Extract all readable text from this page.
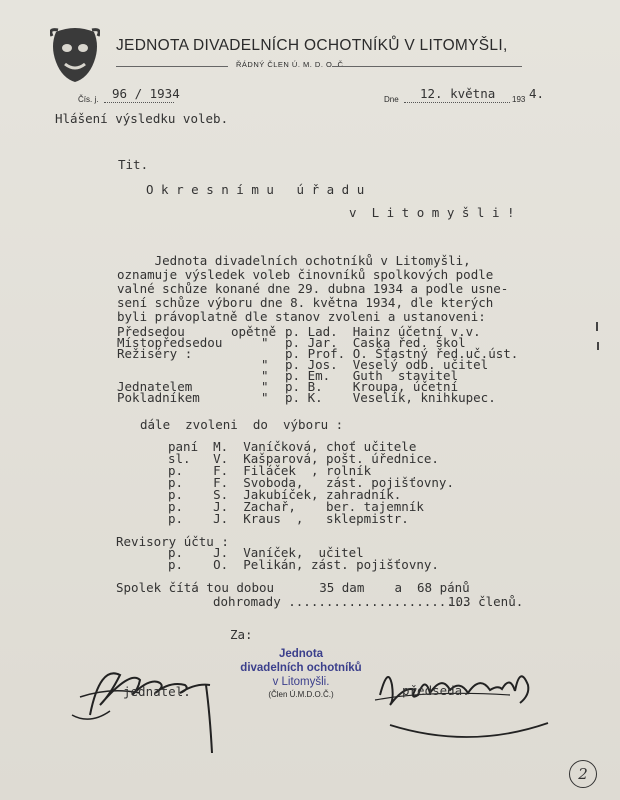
JEDNOTA DIVADELNÍCH OCHOTNÍKŮ V LITOMYŠLI,
ŘÁDNÝ ČLEN Ú. M. D. O. Č.
Čís. j. 96 / 1934	Dne 12. května 193 4.
Hlášení výsledku voleb.
Tit.
O k r e s n í m u   ú ř a d u
v  L i t o m y š l i !
Jednota divadelních ochotníků v Litomyšli,
oznamuje výsledek voleb činovníků spolkových podle
valné schůze konané dne 29. dubna 1934 a podle usne-
sení schůze výboru dne 8. května 1934, dle kterých
byli právoplatně dle stanov zvoleni a ustanoveni:
Předsedou	opětně p. Lad.  Hainz účetní v.v.
Místopředsedou	" p. Jar.  Caska řed. škol
Režiséry :	p. Prof. O. Šťastný řed.uč.úst.
" p. Jos.  Veselý odb. učitel
" p. Em.   Guth  stavitel
Jednatelem	" p. B.    Kroupa, účetní
Pokladníkem	" p. K.    Veselík, knihkupec.
dále  zvoleni  do  výboru :
paní  M.  Vaníčková, choť učitele
sl.   V.  Kašparová, pošt. úřednice.
p.    F.  Filáček  , rolník
p.    F.  Svoboda,   zást. pojišťovny.
p.    S.  Jakubíček, zahradník.
p.    J.  Zachař,    ber. tajemník
p.    J.  Kraus  ,   sklepmistr.
Revisory účtu :
p.    J.  Vaníček,  učitel
p.    O.  Pelikán, zást. pojišťovny.
Spolek čítá tou dobou      35 dam    a  68 pánů
dohromady ........................
103 členů.
Za:
Jednota
divadelních ochotníků
v Litomyšli.
(Člen Ú.M.D.O.Č.)
jednatel.	předseda.
2
